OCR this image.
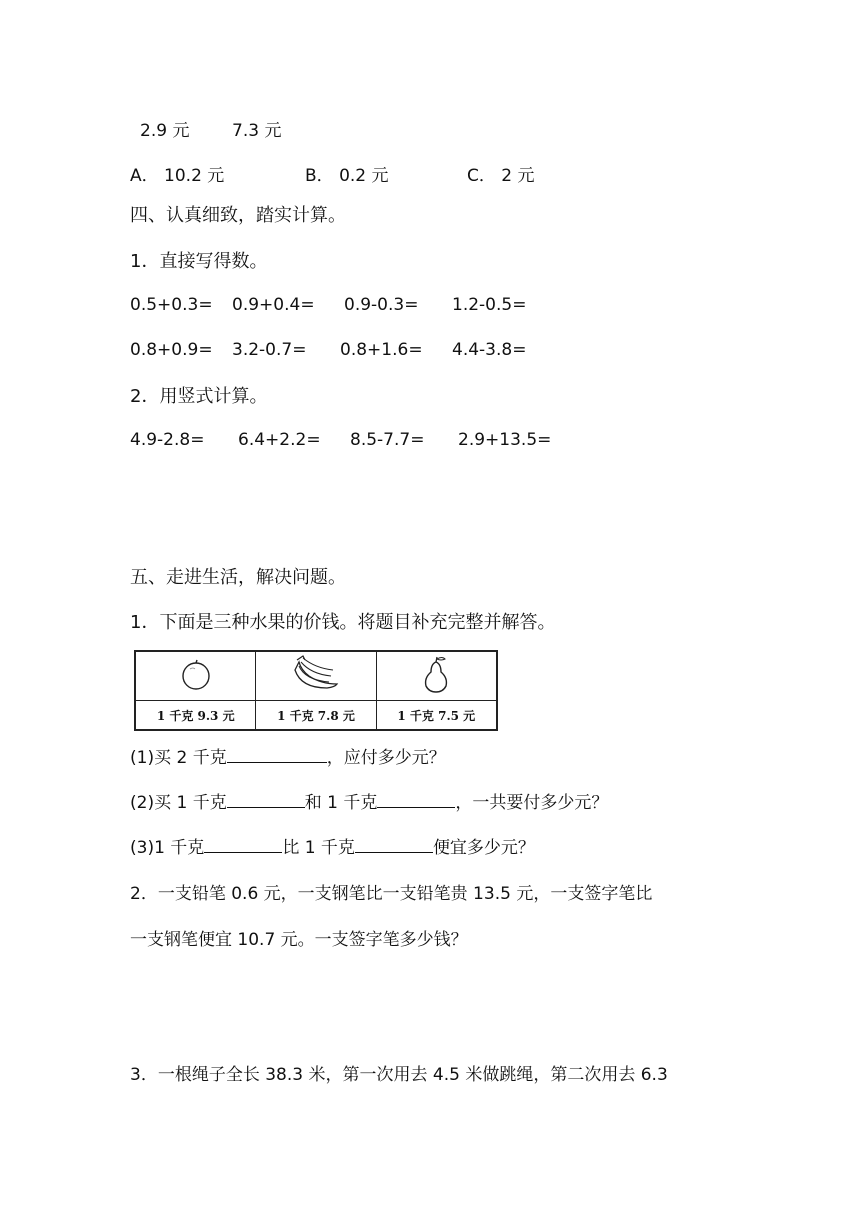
2.9 元	7.3 元
A． 10.2 元	B． 0.2 元	C． 2 元
四、认真细致，踏实计算。
1．直接写得数。
0.5+0.3= 0.9+0.4= 0.9-0.3= 1.2-0.5=
0.8+0.9= 3.2-0.7= 0.8+1.6= 4.4-3.8=
2．用竖式计算。
4.9-2.8= 6.4+2.2= 8.5-7.7= 2.9+13.5=
五、走进生活，解决问题。
1．下面是三种水果的价钱。将题目补充完整并解答。

1 千克 9.3 元	1 千克 7.8 元	1 千克 7.5 元
(1)买 2 千克	，应付多少元？
(2)买 1 千克	和 1 千克	，一共要付多少元？
(3)1 千克	比 1 千克	便宜多少元？
2．一支铅笔 0.6 元，一支钢笔比一支铅笔贵 13.5 元，一支签字笔比
一支钢笔便宜 10.7 元。一支签字笔多少钱？
3．一根绳子全长 38.3 米，第一次用去 4.5 米做跳绳，第二次用去 6.3
